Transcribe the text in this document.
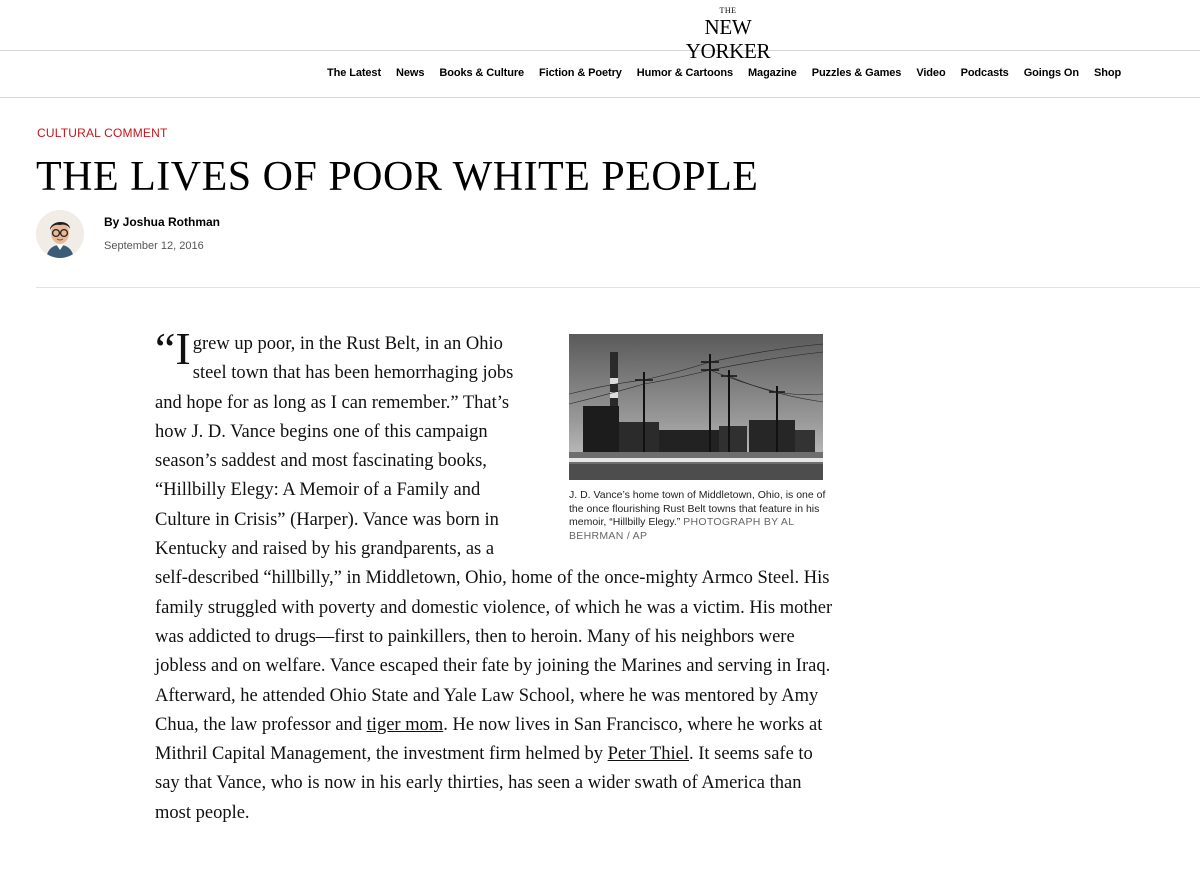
THE
NEW YORKER
The Latest News Books & Culture Fiction & Poetry Humor & Cartoons Magazine Puzzles & Games Video Podcasts Goings On Shop
CULTURAL COMMENT
THE LIVES OF POOR WHITE PEOPLE
By Joshua Rothman
September 12, 2016
J. D. Vance’s home town of Middletown, Ohio, is one of the once flourishing Rust Belt towns that feature in his memoir, “Hillbilly Elegy.” PHOTOGRAPH BY AL BEHRMAN / AP

“I grew up poor, in the Rust Belt, in an Ohio steel town that has been hemorrhaging jobs and hope for as long as I can remember.” That’s how J. D. Vance begins one of this campaign season’s saddest and most fascinating books, “Hillbilly Elegy: A Memoir of a Family and Culture in Crisis” (Harper). Vance was born in Kentucky and raised by his grandparents, as a self-described “hillbilly,” in Middletown, Ohio, home of the once-mighty Armco Steel. His family struggled with poverty and domestic violence, of which he was a victim. His mother was addicted to drugs—first to painkillers, then to heroin. Many of his neighbors were jobless and on welfare. Vance escaped their fate by joining the Marines and serving in Iraq. Afterward, he attended Ohio State and Yale Law School, where he was mentored by Amy Chua, the law professor and tiger mom. He now lives in San Francisco, where he works at Mithril Capital Management, the investment firm helmed by Peter Thiel. It seems safe to say that Vance, who is now in his early thirties, has seen a wider swath of America than most people.
